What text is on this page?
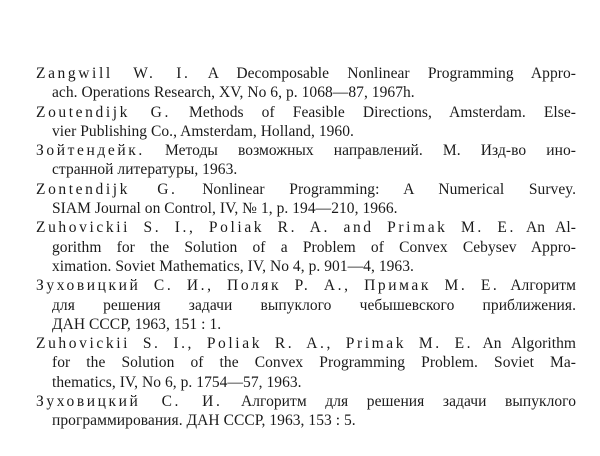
Zangwill W. I. A Decomposable Nonlinear Programming Appro-
ach. Operations Research, XV, No 6, p. 1068—87, 1967h.
Zoutendijk G. Methods of Feasible Directions, Amsterdam. Else-
vier Publishing Co., Amsterdam, Holland, 1960.
Зойтендейк. Методы возможных направлений. М. Изд-во ино-
странной литературы, 1963.
Zontendijk G. Nonlinear Programming: A Numerical Survey.
SIAM Journal on Control, IV, № 1, p. 194—210, 1966.
Zuhovickii S. I., Poliak R. A. and Primak M. E. An Al-
gorithm for the Solution of a Problem of Convex Cebysev Appro-
ximation. Soviet Mathematics, IV, No 4, p. 901—4, 1963.
Зуховицкий С. И., Поляк Р. А., Примак М. Е. Алгоритм
для решения задачи выпуклого чебышевского приближения.
ДАН СССР, 1963, 151 : 1.
Zuhovickii S. I., Poliak R. A., Primak M. E. An Algorithm
for the Solution of the Convex Programming Problem. Soviet Ma-
thematics, IV, No 6, p. 1754—57, 1963.
Зуховицкий С. И. Алгоритм для решения задачи выпуклого
программирования. ДАН СССР, 1963, 153 : 5.
